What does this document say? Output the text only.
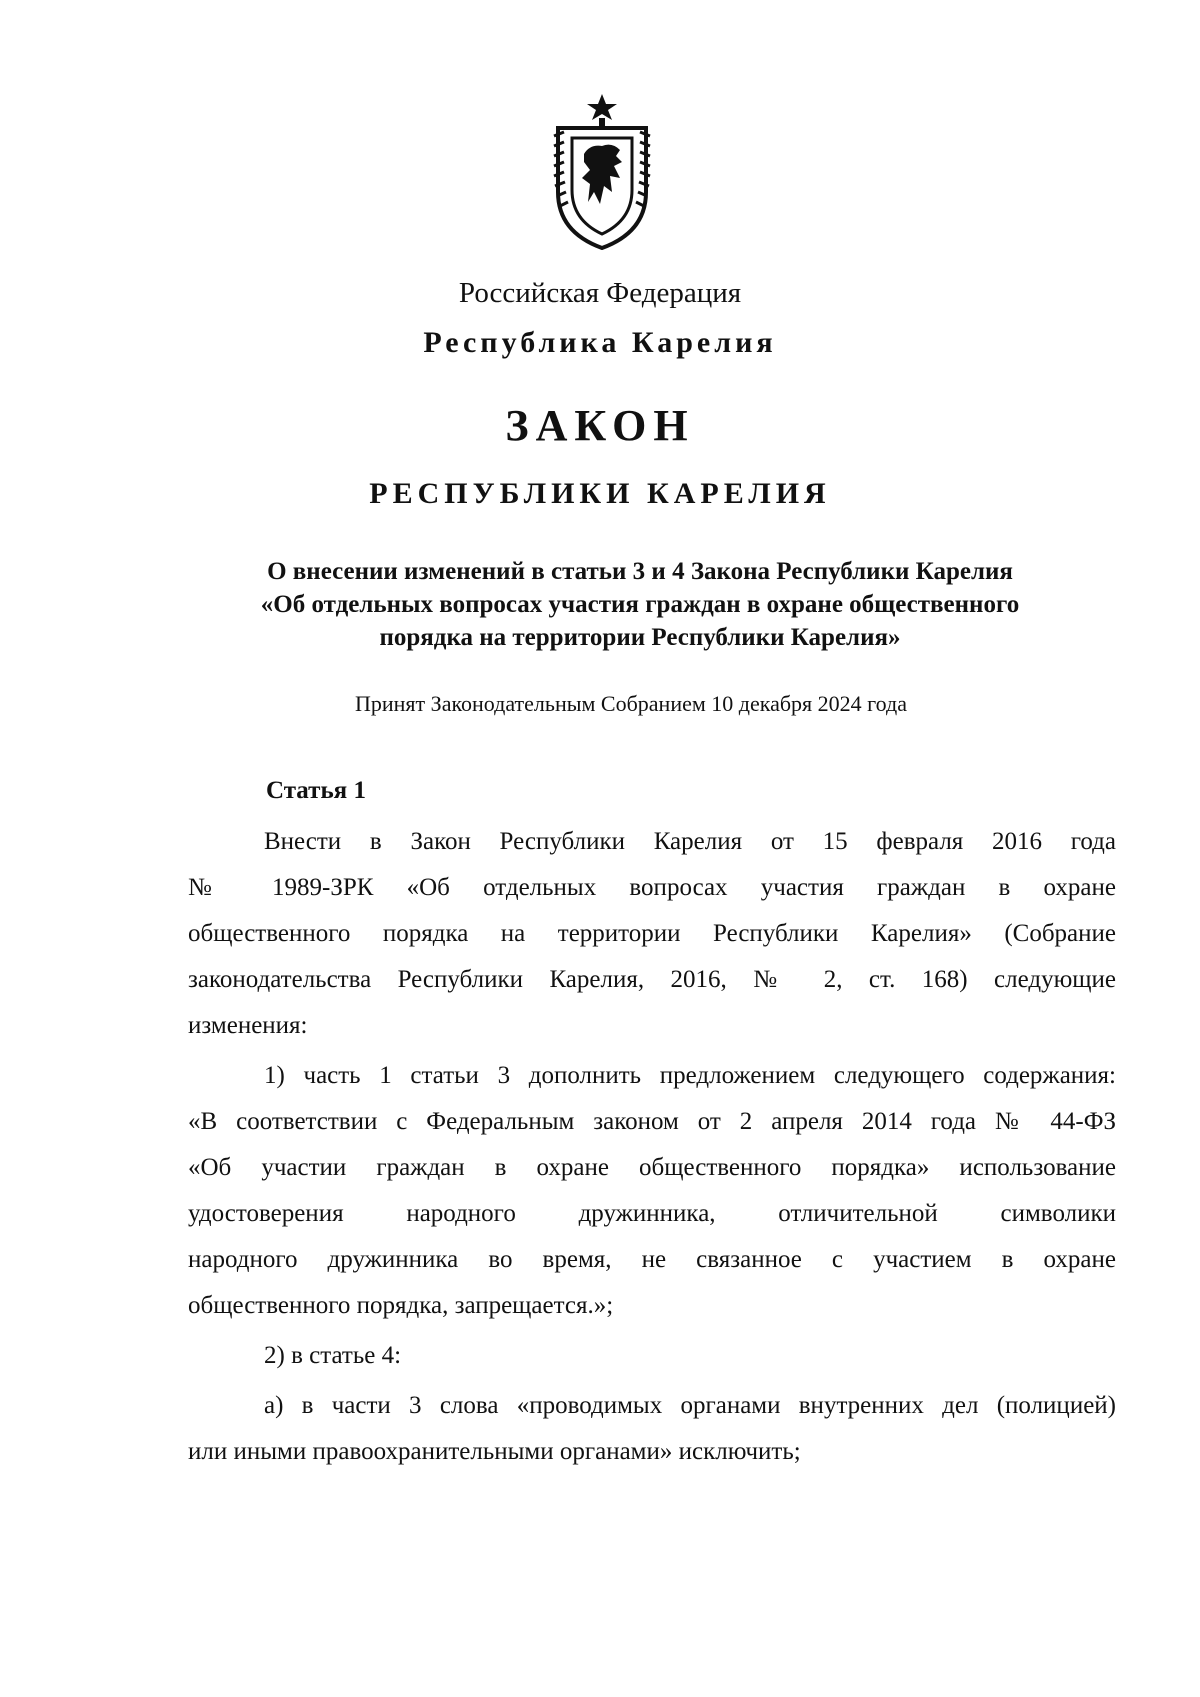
Российская Федерация
Республика Карелия
ЗАКОН
РЕСПУБЛИКИ КАРЕЛИЯ
О внесении изменений в статьи 3 и 4 Закона Республики Карелия
«Об отдельных вопросах участия граждан в охране общественного
порядка на территории Республики Карелия»
Принят Законодательным Собранием 10 декабря 2024 года
Статья 1
Внести в Закон Республики Карелия от 15 февраля 2016 года
№ 1989-ЗРК «Об отдельных вопросах участия граждан в охране
общественного порядка на территории Республики Карелия» (Собрание
законодательства Республики Карелия, 2016, № 2, ст. 168) следующие
изменения:
1) часть 1 статьи 3 дополнить предложением следующего содержания:
«В соответствии с Федеральным законом от 2 апреля 2014 года № 44-ФЗ
«Об участии граждан в охране общественного порядка» использование
удостоверения народного дружинника, отличительной символики
народного дружинника во время, не связанное с участием в охране
общественного порядка, запрещается.»;
2) в статье 4:
а) в части 3 слова «проводимых органами внутренних дел (полицией)
или иными правоохранительными органами» исключить;
